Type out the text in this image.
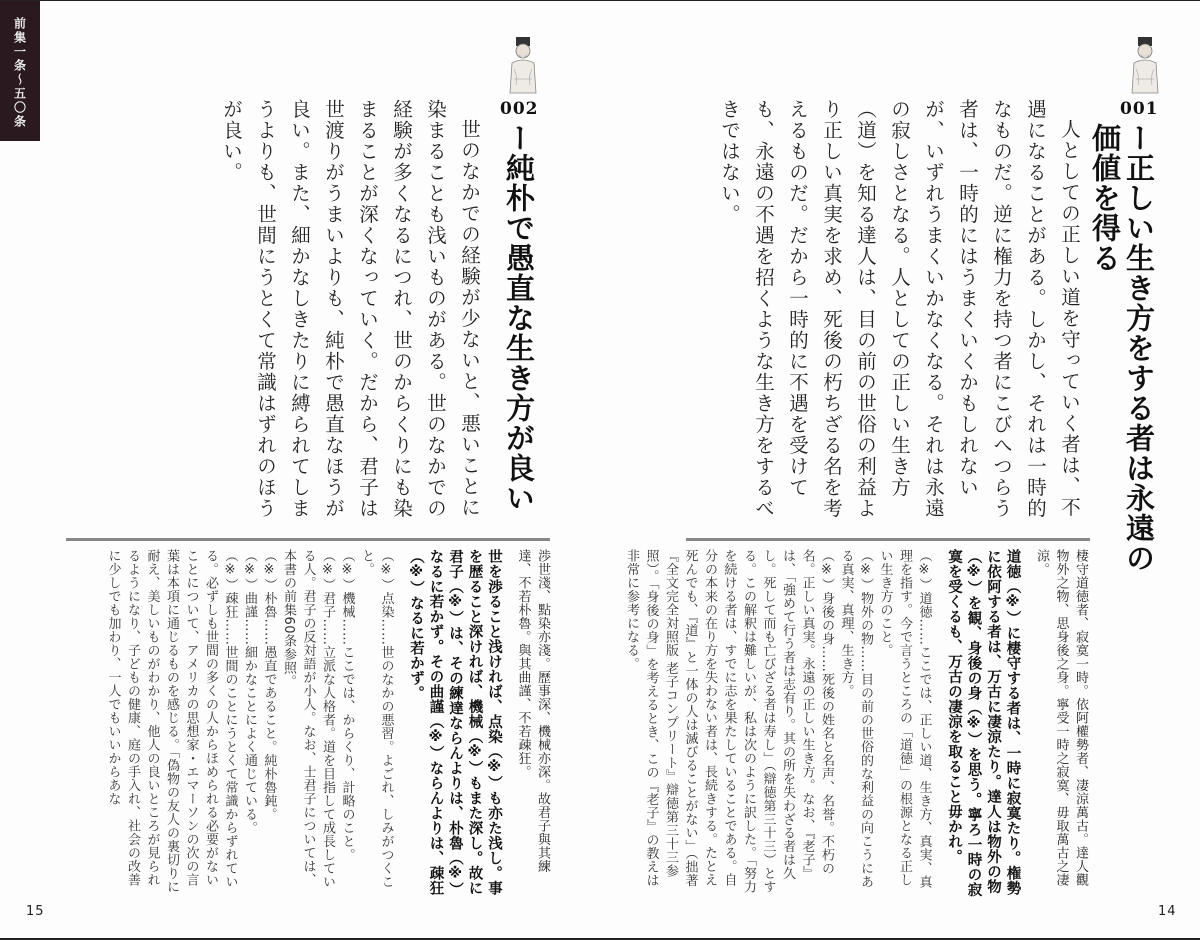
前集一条〜五〇条	001
ー正しい生き方をする者は永遠の価値を得る

人としての正しい道を守っていく者は、不遇になることがある。しかし、それは一時的なものだ。逆に権力を持つ者にこびへつらう者は、一時的にはうまくいくかもしれないが、いずれうまくいかなくなる。それは永遠の寂しさとなる。人としての正しい生き方（道）を知る達人は、目の前の世俗の利益より正しい真実を求め、死後の朽ちざる名を考えるものだ。だから一時的に不遇を受けても、永遠の不遇を招くような生き方をするべきではない。

棲守道徳者、寂寞一時。依阿權勢者、凄涼萬古。達人觀物外之物、思身後之身。寧受一時之寂寞、毋取萬古之凄涼。
道徳（※）に棲守する者は、一時に寂寞たり。権勢に依阿する者は、万古に凄涼たり。達人は物外の物（※）を観、身後の身（※）を思う。寧ろ一時の寂寞を受くるも、万古の凄涼を取ること毋かれ。
（※）道徳……ここでは、正しい道、生き方、真実、真理を指す。今で言うところの「道徳」の根源となる正しい生き方のこと。
（※）物外の物……目の前の世俗的な利益の向こうにある真実、真理、生き方。
（※）身後の身……死後の姓名と名声、名誉。不朽の名。正しい真実。永遠の正しい生き方。なお、『老子』は、「強めて行う者は志有り。其の所を失わざる者は久し。死して而も亡びざる者は寿し」（辯徳第三十三）とする。この解釈は難しいが、私は次のように訳した。「努力を続ける者は、すでに志を果たしていることである。自分の本来の在り方を失わない者は、長続きする。たとえ死んでも、『道』と一体の人は滅びることがない」（拙著『全文完全対照版 老子コンプリート』辯徳第三十三参照）。「身後の身」を考えるとき、この『老子』の教えは非常に参考になる。
14
002
ー純朴で愚直な生き方が良い

世のなかでの経験が少ないと、悪いことに染まることも浅いものがある。世のなかでの経験が多くなるにつれ、世のからくりにも染まることが深くなっていく。だから、君子は世渡りがうまいよりも、純朴で愚直なほうが良い。また、細かなしきたりに縛られてしまうよりも、世間にうとくて常識はずれのほうが良い。

渉世淺、點染亦淺。歷事深、機械亦深。故君子與其練達、不若朴魯。與其曲謹、不若疎狂。
世を渉ること浅ければ、点染（※）も亦た浅し。事を歴ること深ければ、機械（※）もまた深し。故に君子（※）は、その練達ならんよりは、朴魯（※）なるに若かず。その曲謹（※）ならんよりは、疎狂（※）なるに若かず。
（※）点染……世のなかの悪習。よごれ、しみがつくこと。
（※）機械……ここでは、からくり、計略のこと。
（※）君子……立派な人格者。道を目指して成長している人。君子の反対語が小人。なお、士君子については、本書の前集60条参照。
（※）朴魯……愚直であること。純朴魯鈍。
（※）曲謹……細かなことによく通じている。
（※）疎狂……世間のことにうとくて常識からずれている。必ずしも世間の多くの人からほめられる必要がないことについて、アメリカの思想家・エマーソンの次の言葉は本項に通じるものを感じる。「偽物の友人の裏切りに耐え、美しいものがわかり、他人の良いところが見られるようになり、子どもの健康、庭の手入れ、社会の改善に少しでも加わり、一人でもいいからあな
15
